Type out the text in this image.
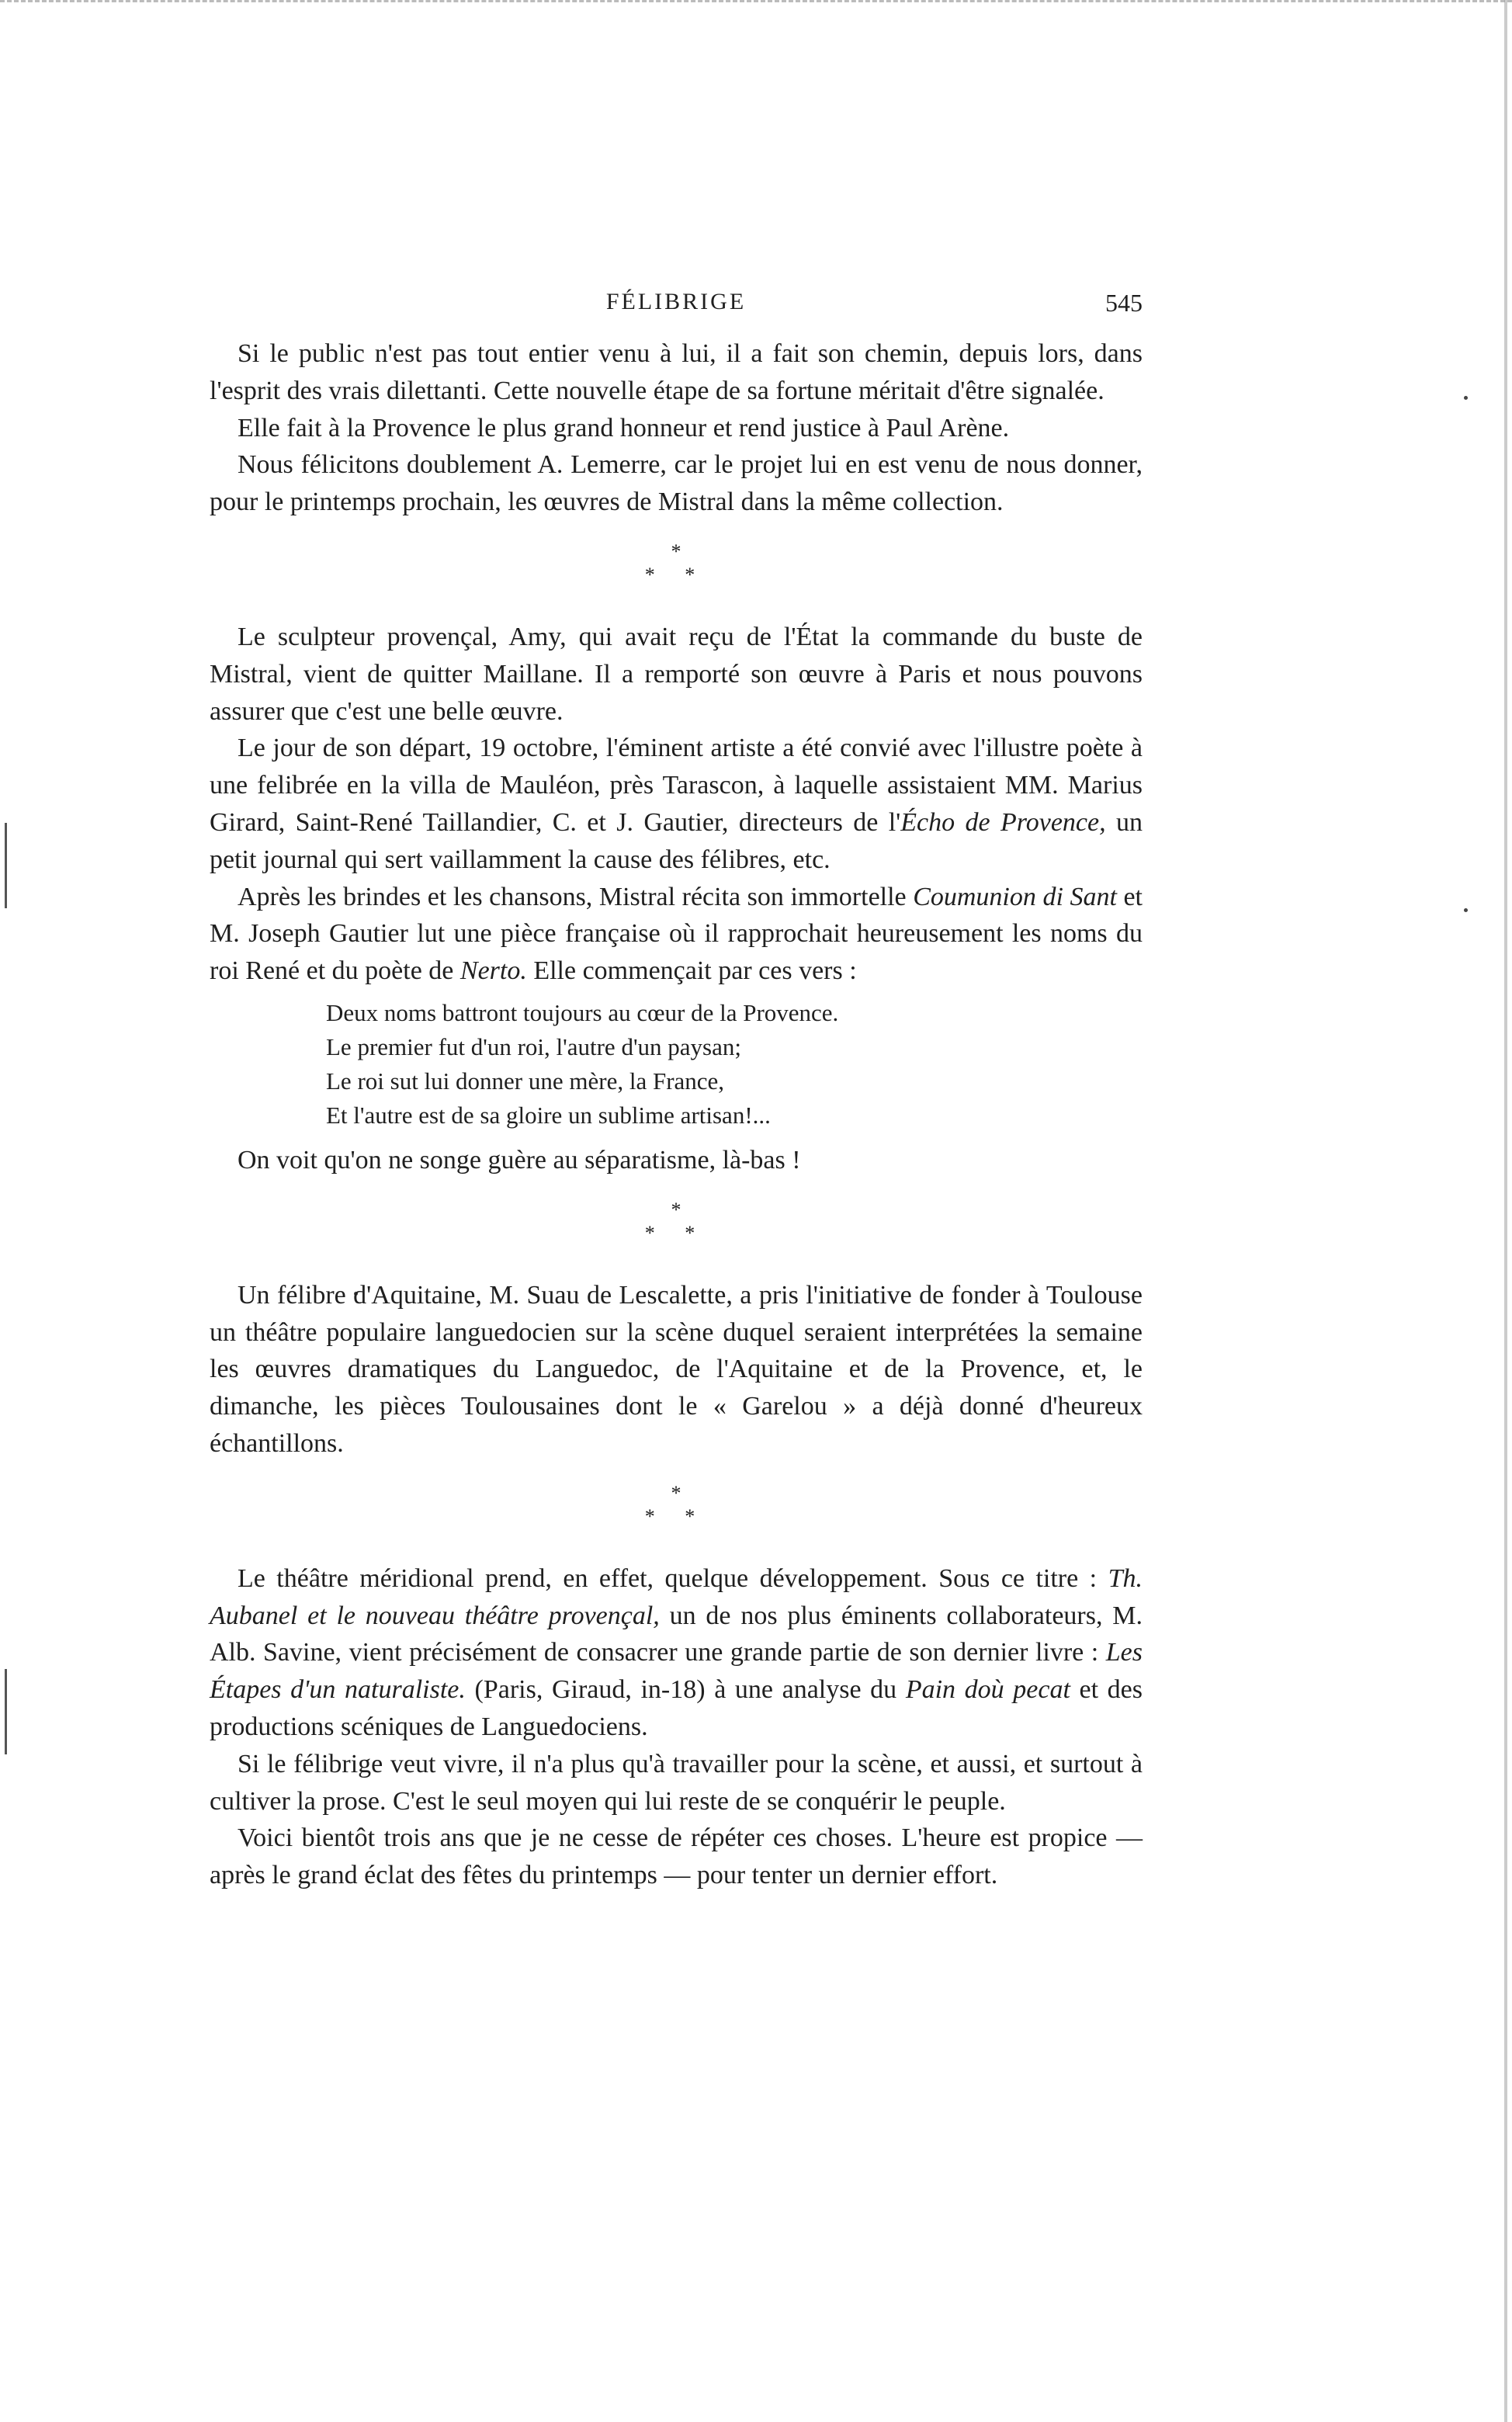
FÉLIBRIGE	545

Si le public n'est pas tout entier venu à lui, il a fait son chemin, depuis lors, dans l'esprit des vrais dilettanti. Cette nouvelle étape de sa fortune méritait d'être signalée.

Elle fait à la Provence le plus grand honneur et rend justice à Paul Arène.

Nous félicitons doublement A. Lemerre, car le projet lui en est venu de nous donner, pour le printemps prochain, les œuvres de Mistral dans la même collection.

*
* *

Le sculpteur provençal, Amy, qui avait reçu de l'État la commande du buste de Mistral, vient de quitter Maillane. Il a remporté son œuvre à Paris et nous pouvons assurer que c'est une belle œuvre.

Le jour de son départ, 19 octobre, l'éminent artiste a été convié avec l'illustre poète à une felibrée en la villa de Mauléon, près Tarascon, à laquelle assistaient MM. Marius Girard, Saint-René Taillandier, C. et J. Gautier, directeurs de l'Écho de Provence, un petit journal qui sert vaillamment la cause des félibres, etc.

Après les brindes et les chansons, Mistral récita son immortelle Coumunion di Sant et M. Joseph Gautier lut une pièce française où il rapprochait heureusement les noms du roi René et du poète de Nerto. Elle commençait par ces vers :

Deux noms battront toujours au cœur de la Provence.
Le premier fut d'un roi, l'autre d'un paysan;
Le roi sut lui donner une mère, la France,
Et l'autre est de sa gloire un sublime artisan!...

On voit qu'on ne songe guère au séparatisme, là-bas !

*
* *

Un félibre d'Aquitaine, M. Suau de Lescalette, a pris l'initiative de fonder à Toulouse un théâtre populaire languedocien sur la scène duquel seraient interprétées la semaine les œuvres dramatiques du Languedoc, de l'Aquitaine et de la Provence, et, le dimanche, les pièces Toulousaines dont le « Garelou » a déjà donné d'heureux échantillons.

*
* *

Le théâtre méridional prend, en effet, quelque développement. Sous ce titre : Th. Aubanel et le nouveau théâtre provençal, un de nos plus éminents collaborateurs, M. Alb. Savine, vient précisément de consacrer une grande partie de son dernier livre : Les Étapes d'un naturaliste. (Paris, Giraud, in-18) à une analyse du Pain doù pecat et des productions scéniques de Languedociens.

Si le félibrige veut vivre, il n'a plus qu'à travailler pour la scène, et aussi, et surtout à cultiver la prose. C'est le seul moyen qui lui reste de se conquérir le peuple.

Voici bientôt trois ans que je ne cesse de répéter ces choses. L'heure est propice — après le grand éclat des fêtes du printemps — pour tenter un dernier effort.
